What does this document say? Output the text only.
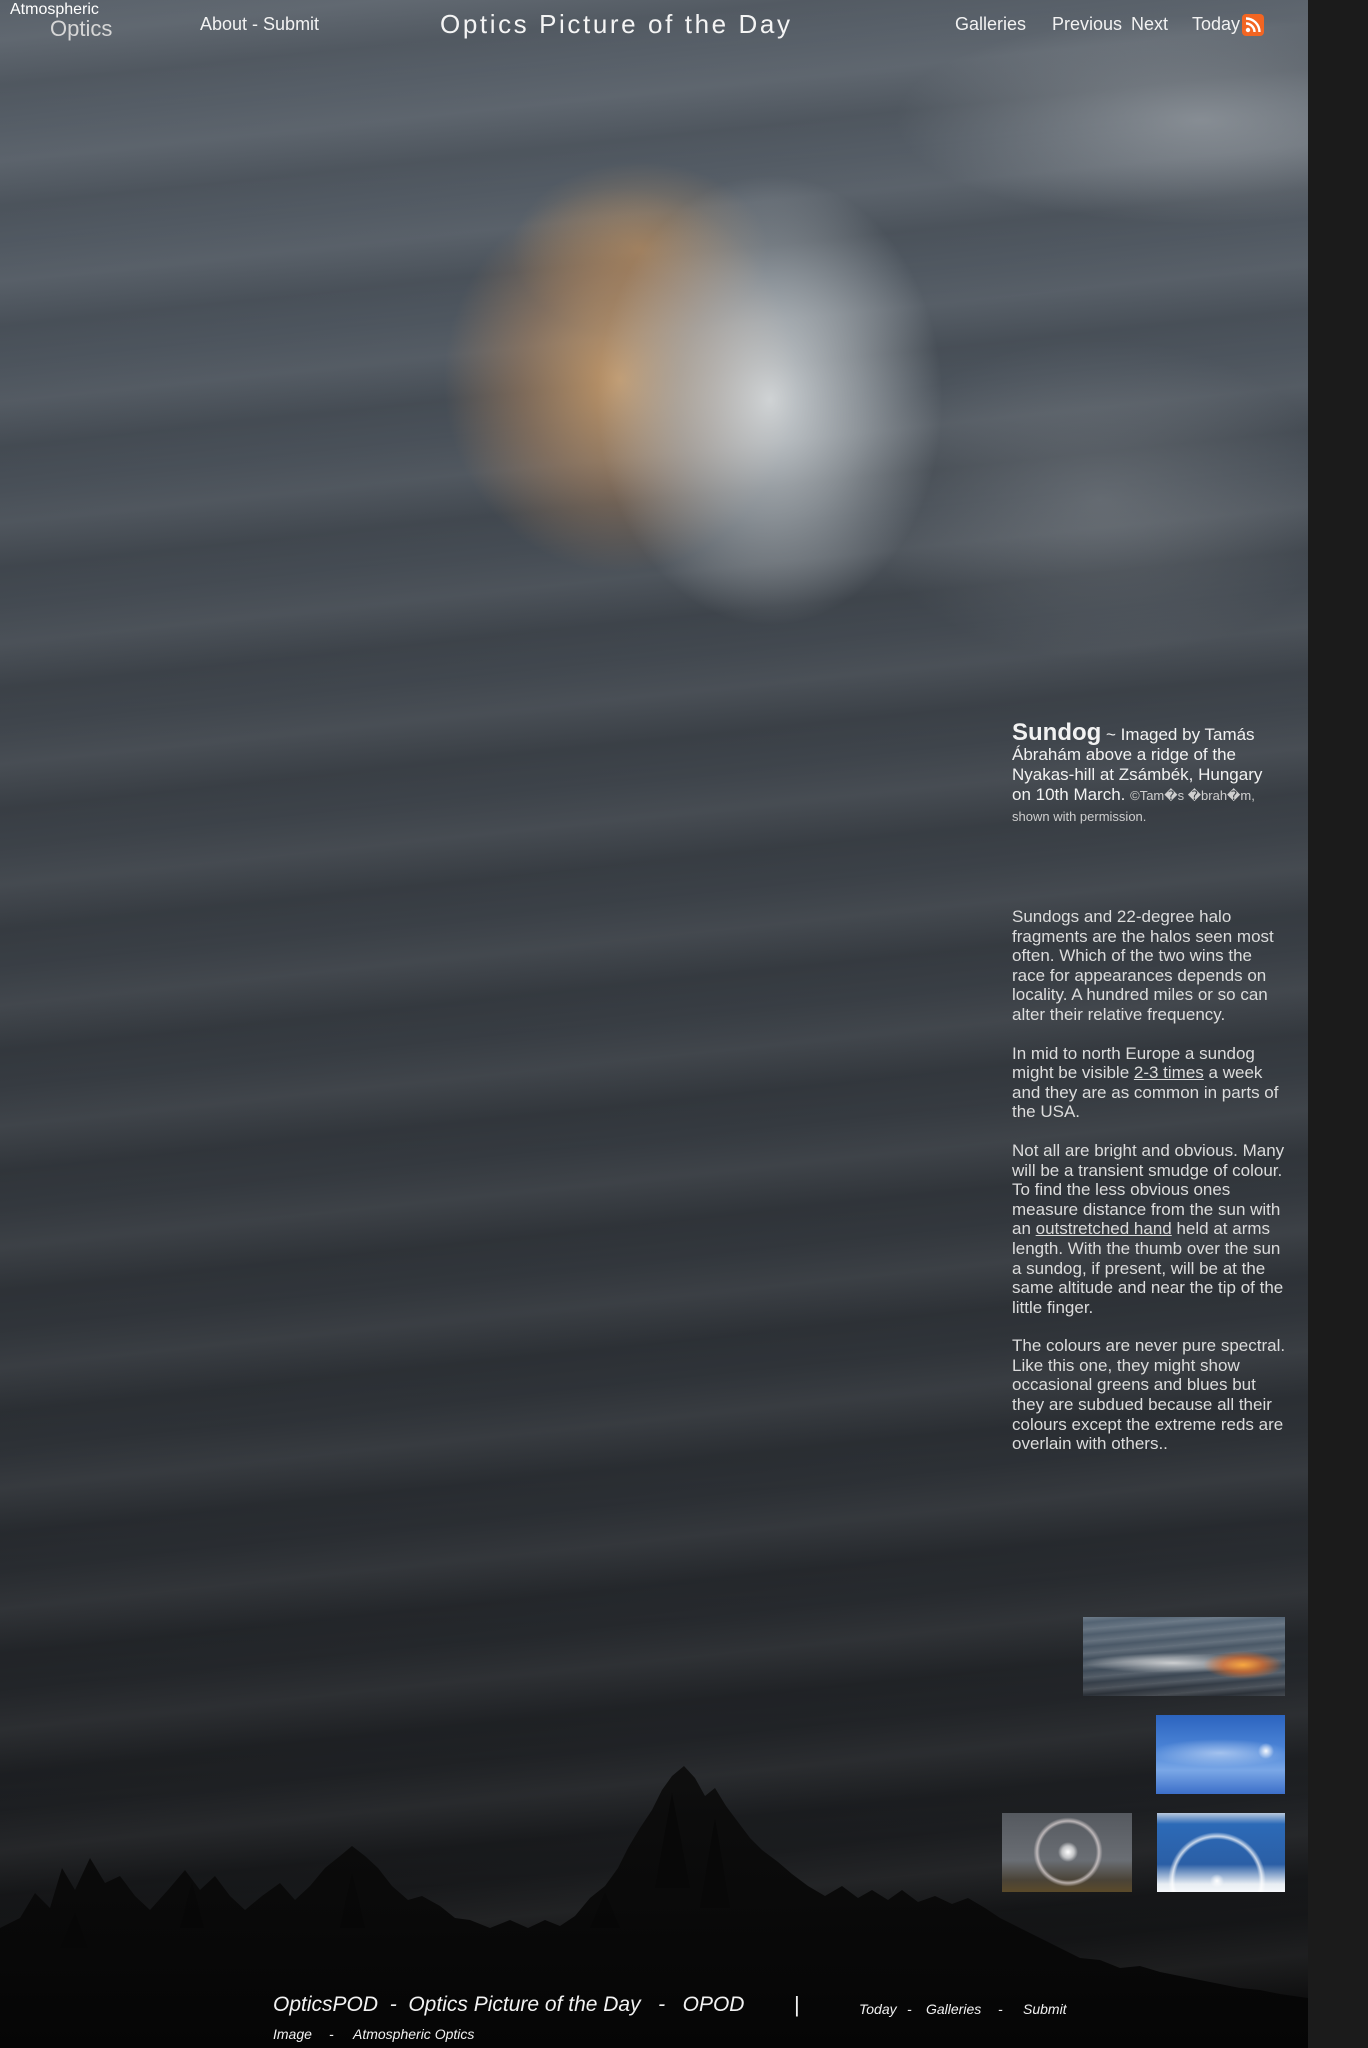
Atmospheric
Optics	About - Submit	Optics Picture of the Day	Galleries Previous Next Today
Sundog ~ Imaged by Tamás Ábrahám above a ridge of the Nyakas-hill at Zsámbék, Hungary on 10th March. ©Tam�s �brah�m, shown with permission.

Sundogs and 22-degree halo fragments are the halos seen most often. Which of the two wins the race for appearances depends on locality. A hundred miles or so can alter their relative frequency.

In mid to north Europe a sundog might be visible 2-3 times a week and they are as common in parts of the USA.

Not all are bright and obvious. Many will be a transient smudge of colour. To find the less obvious ones measure distance from the sun with an outstretched hand held at arms length. With the thumb over the sun a sundog, if present, will be at the same altitude and near the tip of the little finger.

The colours are never pure spectral. Like this one, they might show occasional greens and blues but they are subdued because all their colours except the extreme reds are overlain with others..

OpticsPOD  -  Optics Picture of the Day   -   OPOD |	Today - Galleries - Submit
Image - Atmospheric Optics
